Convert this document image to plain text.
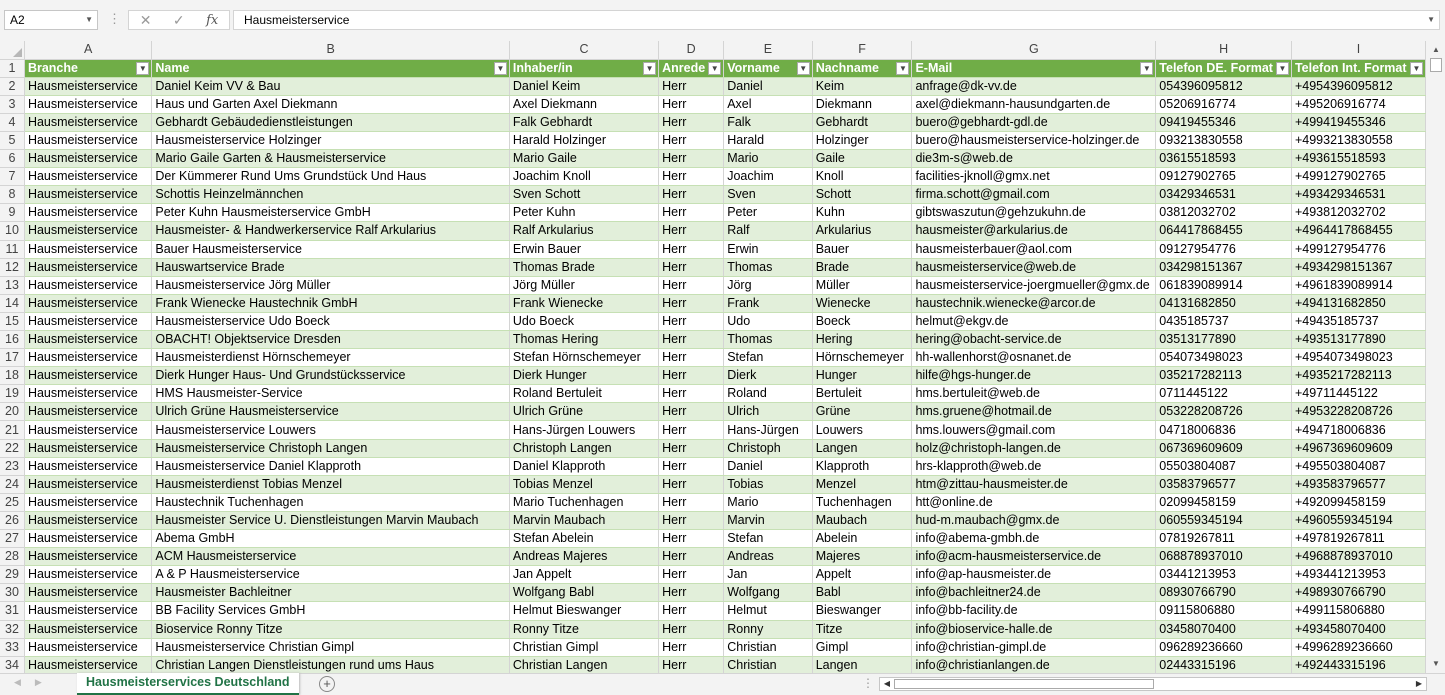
A2	▼ ⋮ ✕ ✓ fx	Hausmeisterservice	▼
	A	B	C	D	E	F	G	H	I
1	Branche ▼	Name ▼	Inhaber/in ▼	Anrede ▼	Vorname ▼	Nachname ▼	E-Mail ▼	Telefon DE. Format ▼	Telefon Int. Format ▼

2	Hausmeisterservice	Daniel Keim VV & Bau	Daniel Keim	Herr	Daniel	Keim	anfrage@dk-vv.de	054396095812	+4954396095812
3	Hausmeisterservice	Haus und Garten Axel Diekmann	Axel Diekmann	Herr	Axel	Diekmann	axel@diekmann-hausundgarten.de	05206916774	+495206916774
4	Hausmeisterservice	Gebhardt Gebäudedienstleistungen	Falk Gebhardt	Herr	Falk	Gebhardt	buero@gebhardt-gdl.de	09419455346	+499419455346
5	Hausmeisterservice	Hausmeisterservice Holzinger	Harald Holzinger	Herr	Harald	Holzinger	buero@hausmeisterservice-holzinger.de	093213830558	+4993213830558
6	Hausmeisterservice	Mario Gaile Garten & Hausmeisterservice	Mario Gaile	Herr	Mario	Gaile	die3m-s@web.de	03615518593	+493615518593
7	Hausmeisterservice	Der Kümmerer Rund Ums Grundstück Und Haus	Joachim Knoll	Herr	Joachim	Knoll	facilities-jknoll@gmx.net	09127902765	+499127902765
8	Hausmeisterservice	Schottis Heinzelmännchen	Sven Schott	Herr	Sven	Schott	firma.schott@gmail.com	03429346531	+493429346531
9	Hausmeisterservice	Peter Kuhn Hausmeisterservice GmbH	Peter Kuhn	Herr	Peter	Kuhn	gibtswaszutun@gehzukuhn.de	03812032702	+493812032702
10	Hausmeisterservice	Hausmeister- & Handwerkerservice Ralf Arkularius	Ralf Arkularius	Herr	Ralf	Arkularius	hausmeister@arkularius.de	064417868455	+4964417868455
11	Hausmeisterservice	Bauer Hausmeisterservice	Erwin Bauer	Herr	Erwin	Bauer	hausmeisterbauer@aol.com	09127954776	+499127954776
12	Hausmeisterservice	Hauswartservice Brade	Thomas Brade	Herr	Thomas	Brade	hausmeisterservice@web.de	034298151367	+4934298151367
13	Hausmeisterservice	Hausmeisterservice Jörg Müller	Jörg Müller	Herr	Jörg	Müller	hausmeisterservice-joergmueller@gmx.de	061839089914	+4961839089914
14	Hausmeisterservice	Frank Wienecke Haustechnik GmbH	Frank Wienecke	Herr	Frank	Wienecke	haustechnik.wienecke@arcor.de	04131682850	+494131682850
15	Hausmeisterservice	Hausmeisterservice Udo Boeck	Udo Boeck	Herr	Udo	Boeck	helmut@ekgv.de	0435185737	+49435185737
16	Hausmeisterservice	OBACHT! Objektservice Dresden	Thomas Hering	Herr	Thomas	Hering	hering@obacht-service.de	03513177890	+493513177890
17	Hausmeisterservice	Hausmeisterdienst Hörnschemeyer	Stefan Hörnschemeyer	Herr	Stefan	Hörnschemeyer	hh-wallenhorst@osnanet.de	054073498023	+4954073498023
18	Hausmeisterservice	Dierk Hunger Haus- Und Grundstücksservice	Dierk Hunger	Herr	Dierk	Hunger	hilfe@hgs-hunger.de	035217282113	+4935217282113
19	Hausmeisterservice	HMS Hausmeister-Service	Roland Bertuleit	Herr	Roland	Bertuleit	hms.bertuleit@web.de	0711445122	+49711445122
20	Hausmeisterservice	Ulrich Grüne Hausmeisterservice	Ulrich Grüne	Herr	Ulrich	Grüne	hms.gruene@hotmail.de	053228208726	+4953228208726
21	Hausmeisterservice	Hausmeisterservice Louwers	Hans-Jürgen Louwers	Herr	Hans-Jürgen	Louwers	hms.louwers@gmail.com	04718006836	+494718006836
22	Hausmeisterservice	Hausmeisterservice Christoph Langen	Christoph Langen	Herr	Christoph	Langen	holz@christoph-langen.de	067369609609	+4967369609609
23	Hausmeisterservice	Hausmeisterservice Daniel Klapproth	Daniel Klapproth	Herr	Daniel	Klapproth	hrs-klapproth@web.de	05503804087	+495503804087
24	Hausmeisterservice	Hausmeisterdienst Tobias Menzel	Tobias Menzel	Herr	Tobias	Menzel	htm@zittau-hausmeister.de	03583796577	+493583796577
25	Hausmeisterservice	Haustechnik Tuchenhagen	Mario Tuchenhagen	Herr	Mario	Tuchenhagen	htt@online.de	02099458159	+492099458159
26	Hausmeisterservice	Hausmeister Service U. Dienstleistungen Marvin Maubach	Marvin Maubach	Herr	Marvin	Maubach	hud-m.maubach@gmx.de	060559345194	+4960559345194
27	Hausmeisterservice	Abema GmbH	Stefan Abelein	Herr	Stefan	Abelein	info@abema-gmbh.de	07819267811	+497819267811
28	Hausmeisterservice	ACM Hausmeisterservice	Andreas Majeres	Herr	Andreas	Majeres	info@acm-hausmeisterservice.de	068878937010	+4968878937010
29	Hausmeisterservice	A & P Hausmeisterservice	Jan Appelt	Herr	Jan	Appelt	info@ap-hausmeister.de	03441213953	+493441213953
30	Hausmeisterservice	Hausmeister Bachleitner	Wolfgang Babl	Herr	Wolfgang	Babl	info@bachleitner24.de	08930766790	+498930766790
31	Hausmeisterservice	BB Facility Services GmbH	Helmut Bieswanger	Herr	Helmut	Bieswanger	info@bb-facility.de	09115806880	+499115806880
32	Hausmeisterservice	Bioservice Ronny Titze	Ronny Titze	Herr	Ronny	Titze	info@bioservice-halle.de	03458070400	+493458070400
33	Hausmeisterservice	Hausmeisterservice Christian Gimpl	Christian Gimpl	Herr	Christian	Gimpl	info@christian-gimpl.de	096289236660	+4996289236660
34	Hausmeisterservice	Christian Langen Dienstleistungen rund ums Haus	Christian Langen	Herr	Christian	Langen	info@christianlangen.de	02443315196	+492443315196
▲
▼
◀▶	Hausmeisterservices Deutschland	+	⋮	◀	▶
